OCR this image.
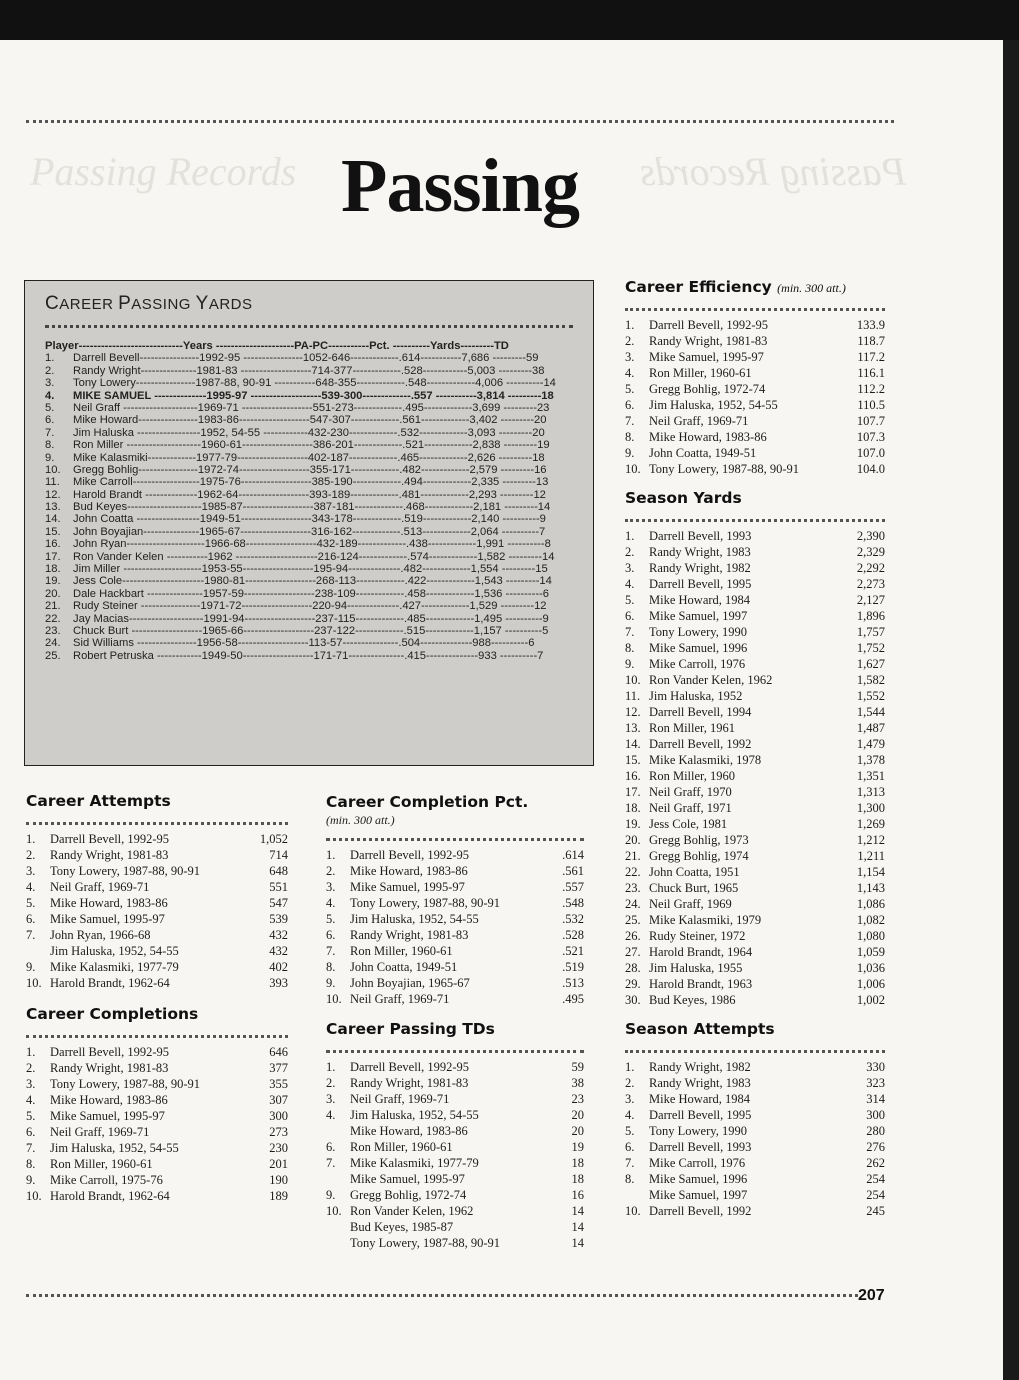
Passing Records	Passing Records
Passing
CAREER PASSING YARDS
Player----------------------------Years ---------------------PA-PC-----------Pct. ----------Yards---------TD
1. Darrell Bevell----------------1992-95 ----------------1052-646-------------.614-----------7,686 ---------59
2. Randy Wright---------------1981-83 -------------------714-377-------------.528------------5,003 ---------38
3. Tony Lowery----------------1987-88, 90-91 -----------648-355-------------.548-------------4,006 ----------14
4. MIKE SAMUEL --------------1995-97 -------------------539-300-------------.557 -----------3,814 ---------18
5. Neil Graff --------------------1969-71 -------------------551-273-------------.495-------------3,699 ---------23
6. Mike Howard----------------1983-86-------------------547-307-------------.561-------------3,402 ---------20
7. Jim Haluska -----------------1952, 54-55 ------------432-230-------------.532-------------3,093 ---------20
8. Ron Miller --------------------1960-61-------------------386-201-------------.521-------------2,838 ---------19
9. Mike Kalasmiki-------------1977-79-------------------402-187-------------.465-------------2,626 ---------18
10. Gregg Bohlig----------------1972-74-------------------355-171-------------.482-------------2,579 ---------16
11. Mike Carroll------------------1975-76-------------------385-190-------------.494-------------2,335 ---------13
12. Harold Brandt --------------1962-64-------------------393-189-------------.481-------------2,293 ---------12
13. Bud Keyes--------------------1985-87-------------------387-181-------------.468-------------2,181 ---------14
14. John Coatta -----------------1949-51-------------------343-178-------------.519-------------2,140 ----------9
15. John Boyajian---------------1965-67-------------------316-162-------------.513-------------2,064 ----------7
16. John Ryan---------------------1966-68-------------------432-189-------------.438-------------1,991 ----------8
17. Ron Vander Kelen -----------1962 ----------------------216-124-------------.574-------------1,582 ---------14
18. Jim Miller ---------------------1953-55-------------------195-94--------------.482-------------1,554 ---------15
19. Jess Cole----------------------1980-81-------------------268-113-------------.422-------------1,543 ---------14
20. Dale Hackbart ---------------1957-59-------------------238-109-------------.458-------------1,536 ----------6
21. Rudy Steiner ----------------1971-72-------------------220-94--------------.427-------------1,529 ---------12
22. Jay Macias--------------------1991-94-------------------237-115-------------.485-------------1,495 ----------9
23. Chuck Burt -------------------1965-66-------------------237-122-------------.515-------------1,157 ----------5
24. Sid Williams ----------------1956-58-------------------113-57---------------.504--------------988----------6
25. Robert Petruska ------------1949-50-------------------171-71---------------.415--------------933 ----------7
Career Attempts
1.	Darrell Bevell, 1992-95	1,052
2.	Randy Wright, 1981-83	714
3.	Tony Lowery, 1987-88, 90-91	648
4.	Neil Graff, 1969-71	551
5.	Mike Howard, 1983-86	547
6.	Mike Samuel, 1995-97	539
7.	John Ryan, 1966-68	432
Jim Haluska, 1952, 54-55	432
9.	Mike Kalasmiki, 1977-79	402
10. Harold Brandt, 1962-64	393
Career Completions
1.	Darrell Bevell, 1992-95	646
2.	Randy Wright, 1981-83	377
3.	Tony Lowery, 1987-88, 90-91	355
4.	Mike Howard, 1983-86	307
5.	Mike Samuel, 1995-97	300
6.	Neil Graff, 1969-71	273
7.	Jim Haluska, 1952, 54-55	230
8.	Ron Miller, 1960-61	201
9.	Mike Carroll, 1975-76	190
10. Harold Brandt, 1962-64	189
Career Completion Pct.
(min. 300 att.)
1.	Darrell Bevell, 1992-95	.614
2.	Mike Howard, 1983-86	.561
3.	Mike Samuel, 1995-97	.557
4.	Tony Lowery, 1987-88, 90-91	.548
5.	Jim Haluska, 1952, 54-55	.532
6.	Randy Wright, 1981-83	.528
7.	Ron Miller, 1960-61	.521
8.	John Coatta, 1949-51	.519
9.	John Boyajian, 1965-67	.513
10. Neil Graff, 1969-71	.495
Career Passing TDs
1.	Darrell Bevell, 1992-95	59
2.	Randy Wright, 1981-83	38
3.	Neil Graff, 1969-71	23
4.	Jim Haluska, 1952, 54-55	20
Mike Howard, 1983-86	20
6.	Ron Miller, 1960-61	19
7.	Mike Kalasmiki, 1977-79	18
Mike Samuel, 1995-97	18
9.	Gregg Bohlig, 1972-74	16
10. Ron Vander Kelen, 1962	14
Bud Keyes, 1985-87	14
Tony Lowery, 1987-88, 90-91	14
Career Efficiency (min. 300 att.)
1.	Darrell Bevell, 1992-95	133.9
2.	Randy Wright, 1981-83	118.7
3.	Mike Samuel, 1995-97	117.2
4.	Ron Miller, 1960-61	116.1
5.	Gregg Bohlig, 1972-74	112.2
6.	Jim Haluska, 1952, 54-55	110.5
7.	Neil Graff, 1969-71	107.7
8.	Mike Howard, 1983-86	107.3
9.	John Coatta, 1949-51	107.0
10. Tony Lowery, 1987-88, 90-91	104.0
Season Yards
1.	Darrell Bevell, 1993	2,390
2.	Randy Wright, 1983	2,329
3.	Randy Wright, 1982	2,292
4.	Darrell Bevell, 1995	2,273
5.	Mike Howard, 1984	2,127
6.	Mike Samuel, 1997	1,896
7.	Tony Lowery, 1990	1,757
8.	Mike Samuel, 1996	1,752
9.	Mike Carroll, 1976	1,627
10. Ron Vander Kelen, 1962	1,582
11. Jim Haluska, 1952	1,552
12. Darrell Bevell, 1994	1,544
13. Ron Miller, 1961	1,487
14. Darrell Bevell, 1992	1,479
15. Mike Kalasmiki, 1978	1,378
16. Ron Miller, 1960	1,351
17. Neil Graff, 1970	1,313
18. Neil Graff, 1971	1,300
19. Jess Cole, 1981	1,269
20. Gregg Bohlig, 1973	1,212
21. Gregg Bohlig, 1974	1,211
22. John Coatta, 1951	1,154
23. Chuck Burt, 1965	1,143
24. Neil Graff, 1969	1,086
25. Mike Kalasmiki, 1979	1,082
26. Rudy Steiner, 1972	1,080
27. Harold Brandt, 1964	1,059
28. Jim Haluska, 1955	1,036
29. Harold Brandt, 1963	1,006
30. Bud Keyes, 1986	1,002
Season Attempts
1.	Randy Wright, 1982	330
2.	Randy Wright, 1983	323
3.	Mike Howard, 1984	314
4.	Darrell Bevell, 1995	300
5.	Tony Lowery, 1990	280
6.	Darrell Bevell, 1993	276
7.	Mike Carroll, 1976	262
8.	Mike Samuel, 1996	254
Mike Samuel, 1997	254
10. Darrell Bevell, 1992	245
207
